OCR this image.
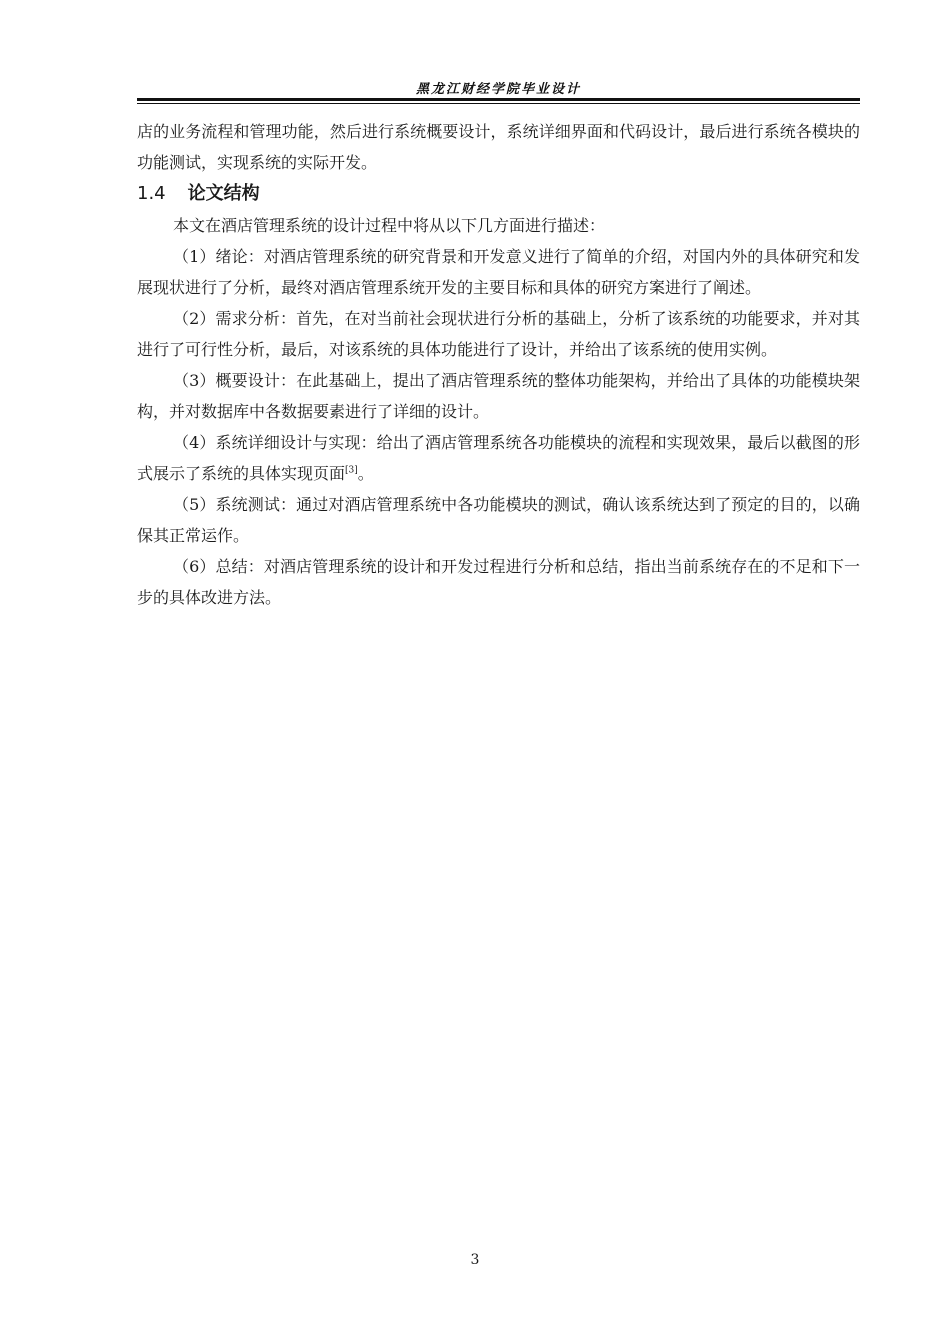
黑龙江财经学院毕业设计

店的业务流程和管理功能，然后进行系统概要设计，系统详细界面和代码设计，最后进行系统各模块的功能测试，实现系统的实际开发。

1.4 论文结构

本文在酒店管理系统的设计过程中将从以下几方面进行描述：

（1）绪论：对酒店管理系统的研究背景和开发意义进行了简单的介绍，对国内外的具体研究和发展现状进行了分析，最终对酒店管理系统开发的主要目标和具体的研究方案进行了阐述。

（2）需求分析：首先，在对当前社会现状进行分析的基础上，分析了该系统的功能要求，并对其进行了可行性分析，最后，对该系统的具体功能进行了设计，并给出了该系统的使用实例。

（3）概要设计：在此基础上，提出了酒店管理系统的整体功能架构，并给出了具体的功能模块架构，并对数据库中各数据要素进行了详细的设计。

（4）系统详细设计与实现：给出了酒店管理系统各功能模块的流程和实现效果，最后以截图的形式展示了系统的具体实现页面[3]。

（5）系统测试：通过对酒店管理系统中各功能模块的测试，确认该系统达到了预定的目的，以确保其正常运作。

（6）总结：对酒店管理系统的设计和开发过程进行分析和总结，指出当前系统存在的不足和下一步的具体改进方法。

3
